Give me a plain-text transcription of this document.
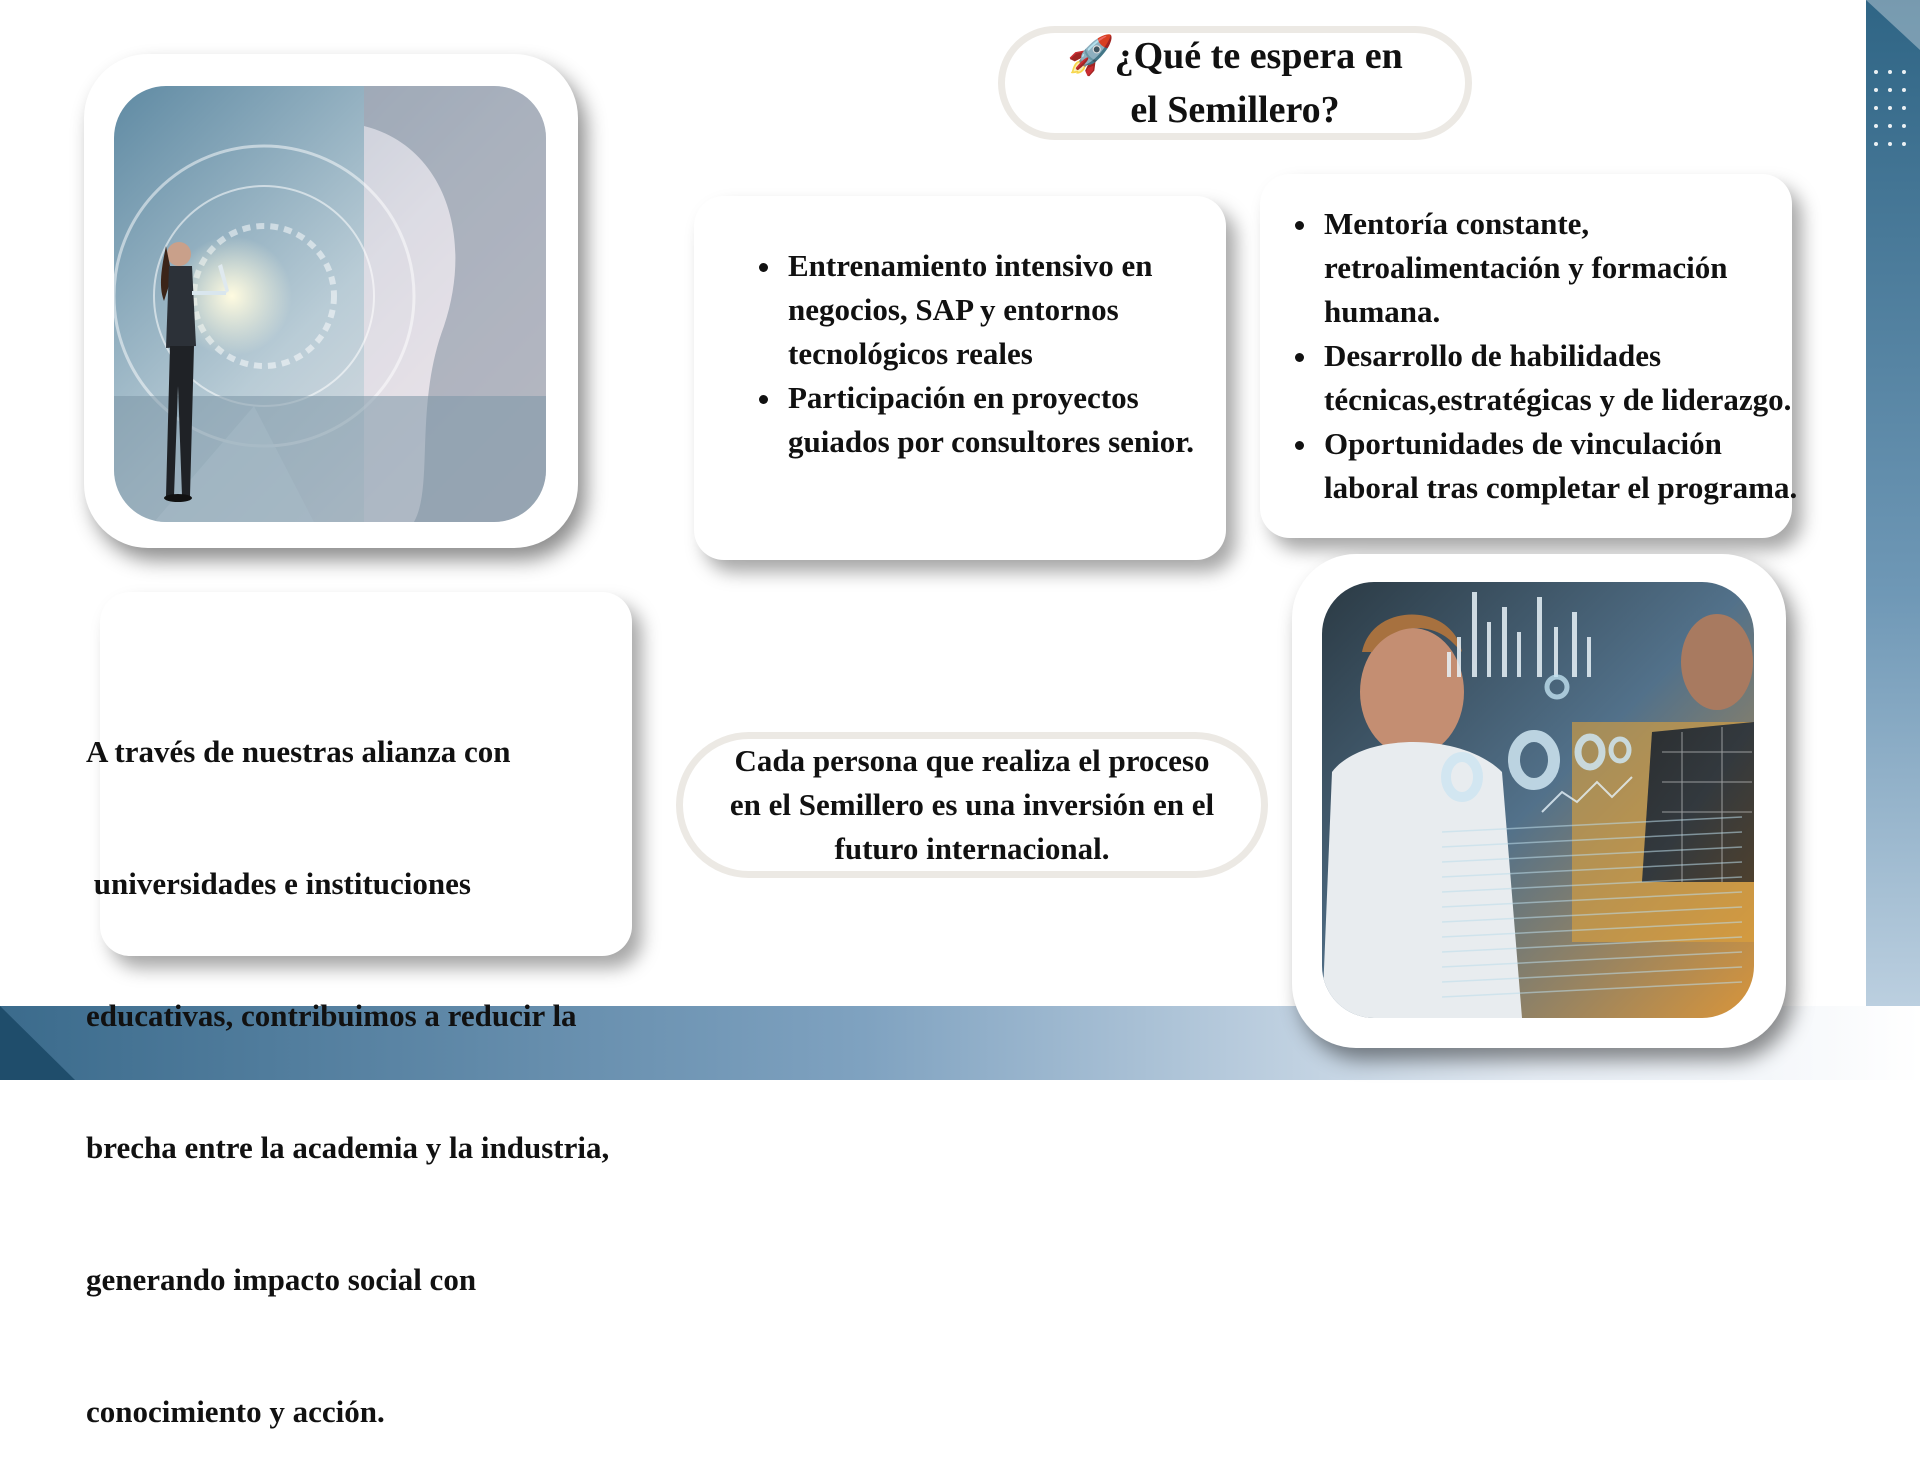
🚀¿Qué te espera en
el Semillero?
• Entrenamiento intensivo en negocios, SAP y entornos tecnológicos reales
• Participación en proyectos guiados por consultores senior.
• Mentoría constante, retroalimentación y formación humana.
• Desarrollo de habilidades técnicas,estratégicas y de liderazgo.
• Oportunidades de vinculación laboral tras completar el programa.

A través de nuestras alianza con

universidades e instituciones

educativas, contribuimos a reducir la

brecha entre la academia y la industria,

generando impacto social con

conocimiento y acción.

Cada persona que realiza el proceso
en el Semillero es una inversión en el
futuro internacional.
